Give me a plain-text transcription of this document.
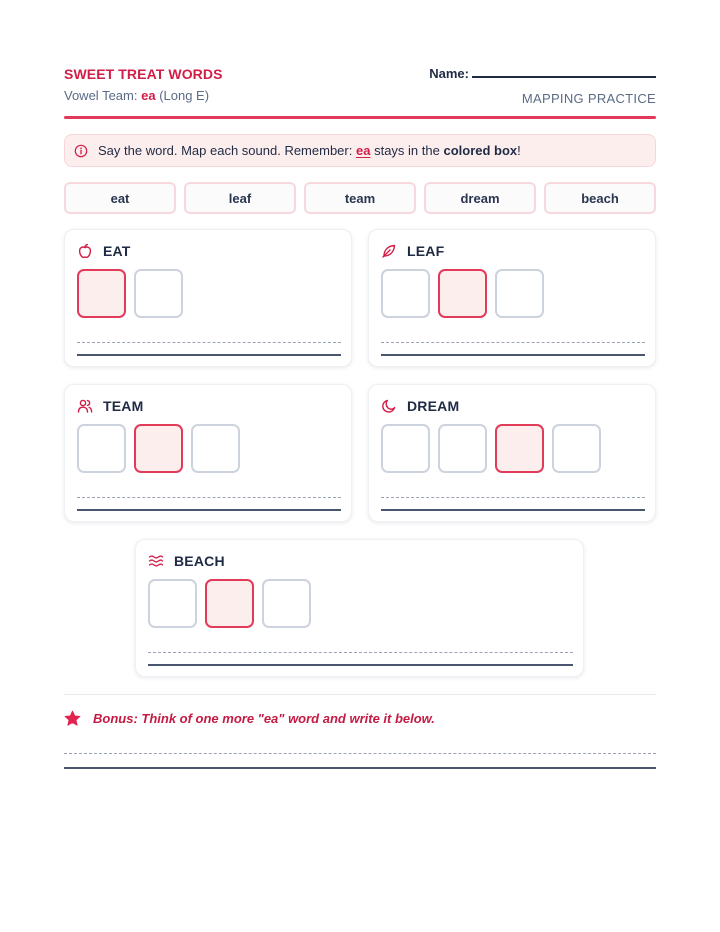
SWEET TREAT WORDS
Vowel Team: ea (Long E)
Name:
MAPPING PRACTICE
Say the word. Map each sound. Remember: ea stays in the colored box!
eat	leaf	team	dream	beach
EAT	LEAF
TEAM	DREAM
BEACH
Bonus: Think of one more "ea" word and write it below.
